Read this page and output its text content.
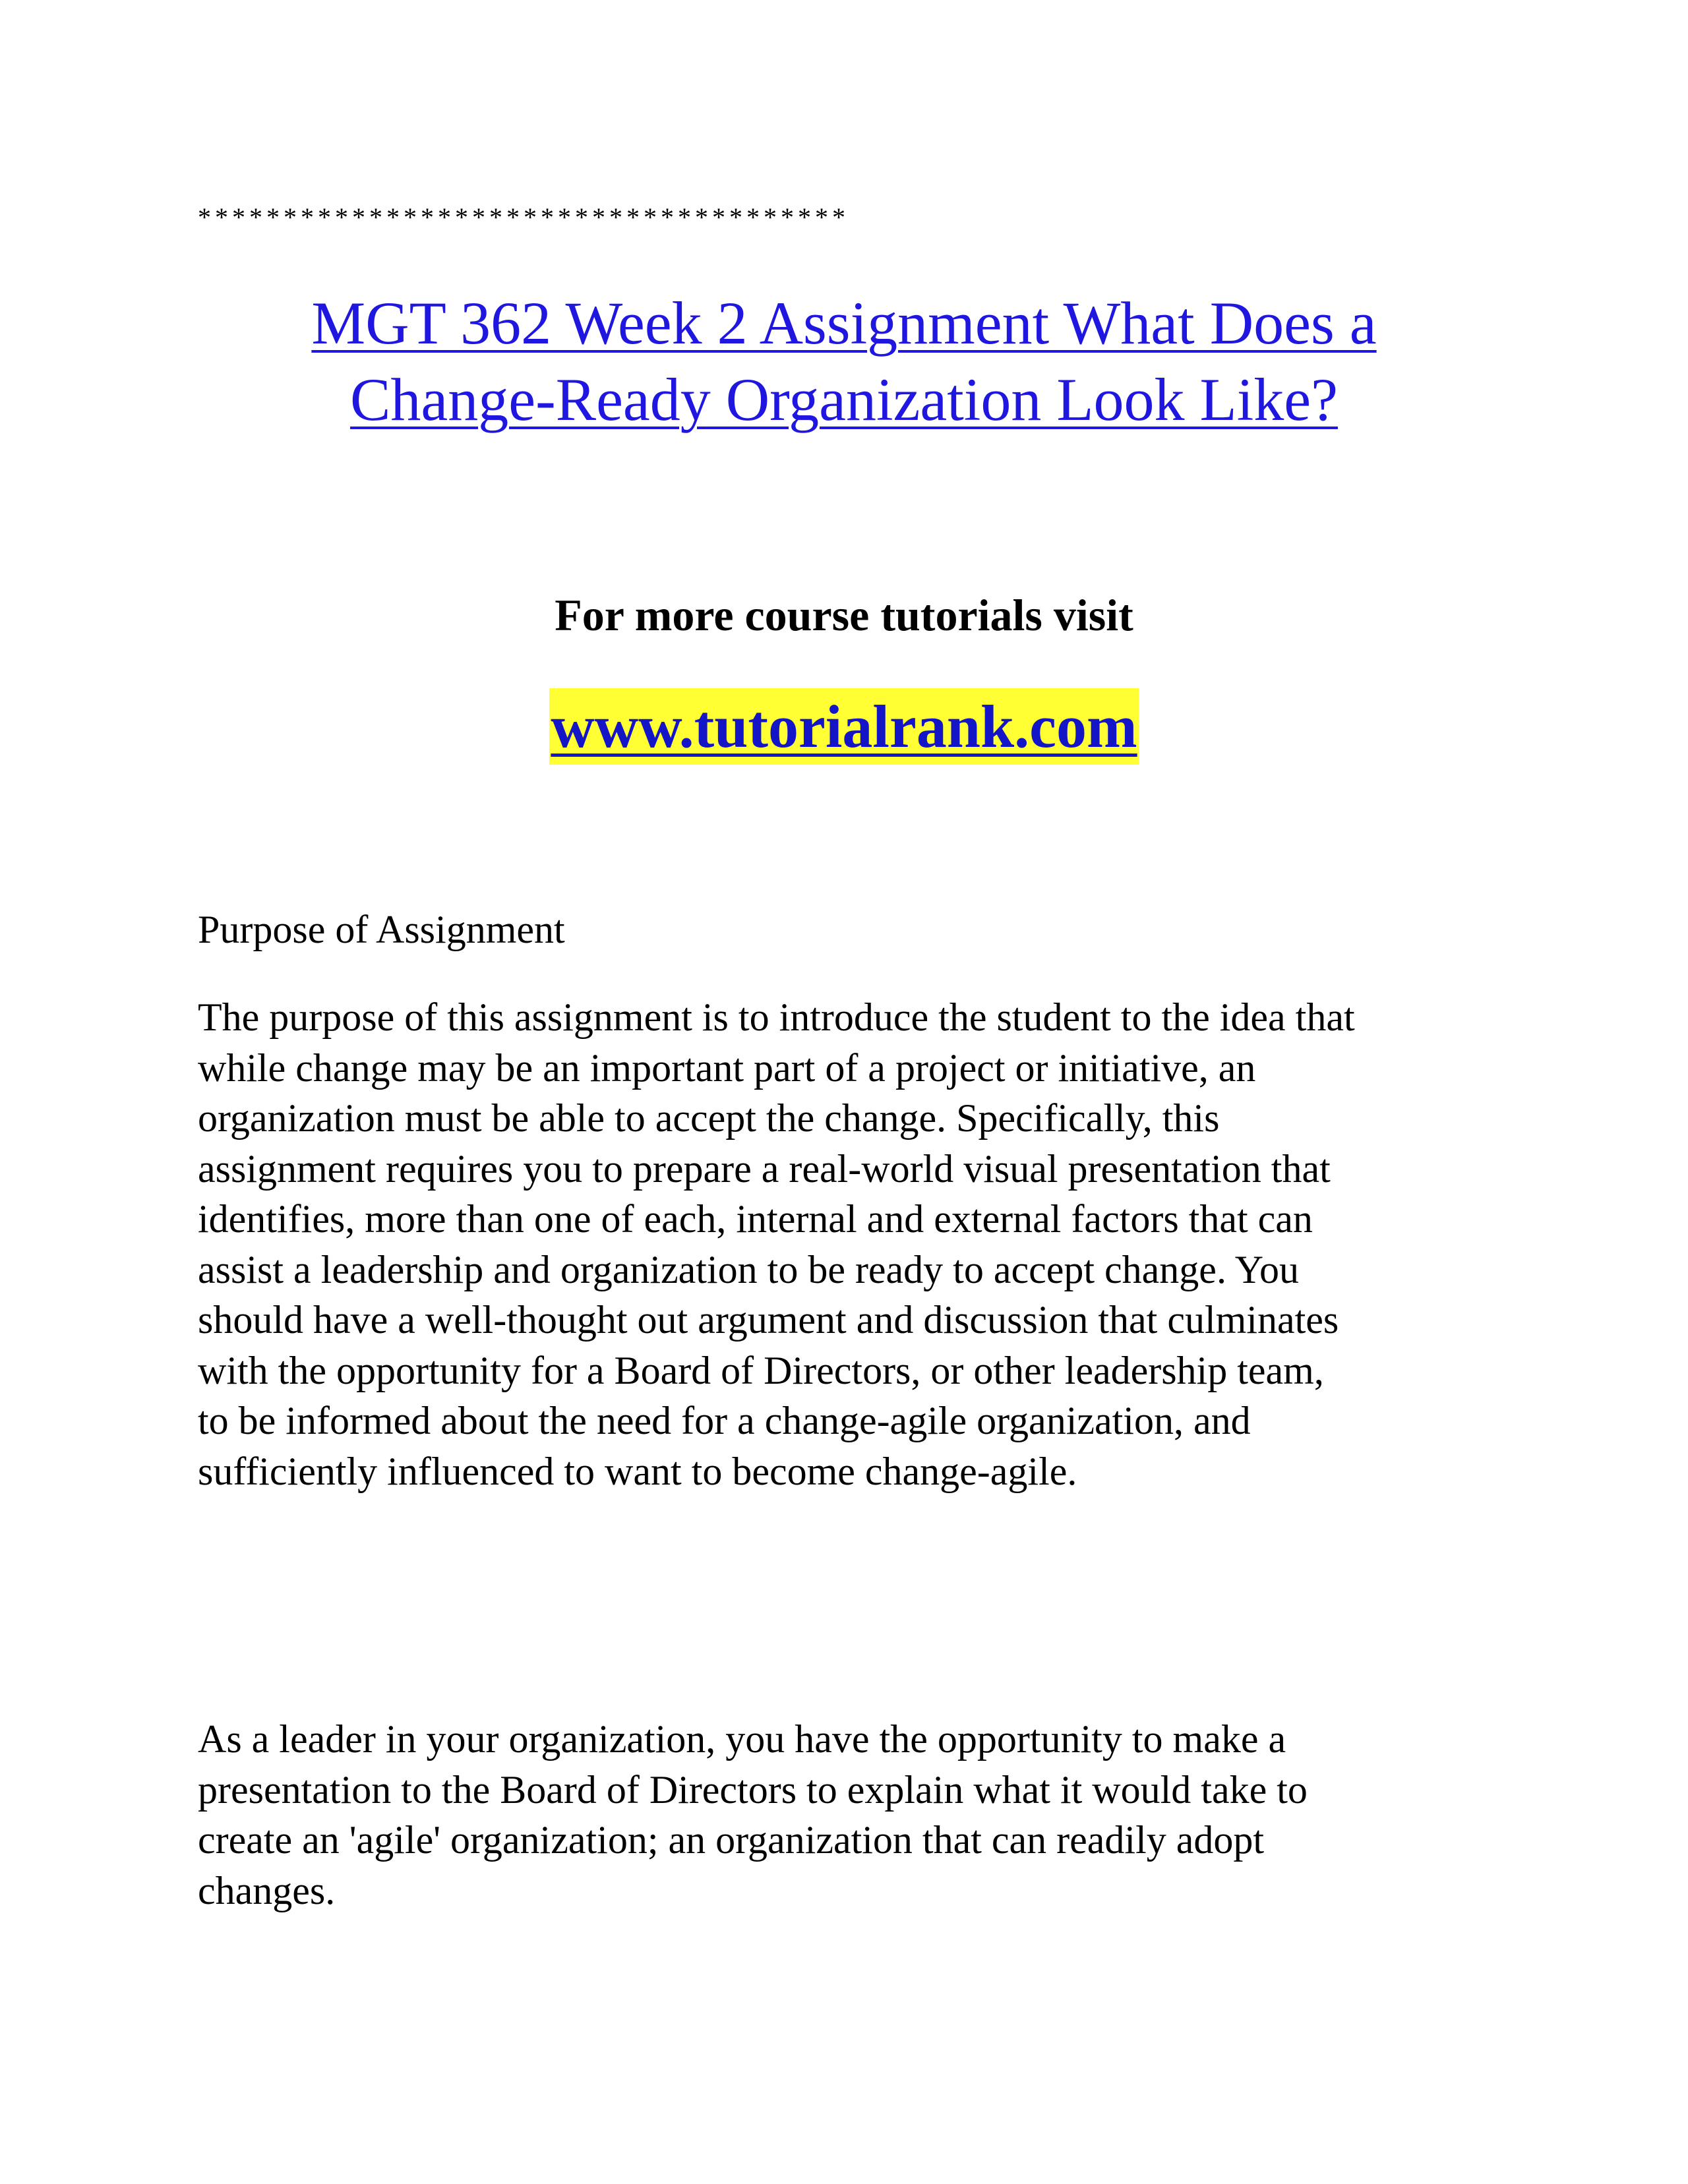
**************************************
MGT 362 Week 2 Assignment What Does a
Change-Ready Organization Look Like?
For more course tutorials visit
www.tutorialrank.com
Purpose of Assignment

The purpose of this assignment is to introduce the student to the idea that
while change may be an important part of a project or initiative, an
organization must be able to accept the change. Specifically, this
assignment requires you to prepare a real-world visual presentation that
identifies, more than one of each, internal and external factors that can
assist a leadership and organization to be ready to accept change. You
should have a well-thought out argument and discussion that culminates
with the opportunity for a Board of Directors, or other leadership team,
to be informed about the need for a change-agile organization, and
sufficiently influenced to want to become change-agile.

As a leader in your organization, you have the opportunity to make a
presentation to the Board of Directors to explain what it would take to
create an 'agile' organization; an organization that can readily adopt
changes.
